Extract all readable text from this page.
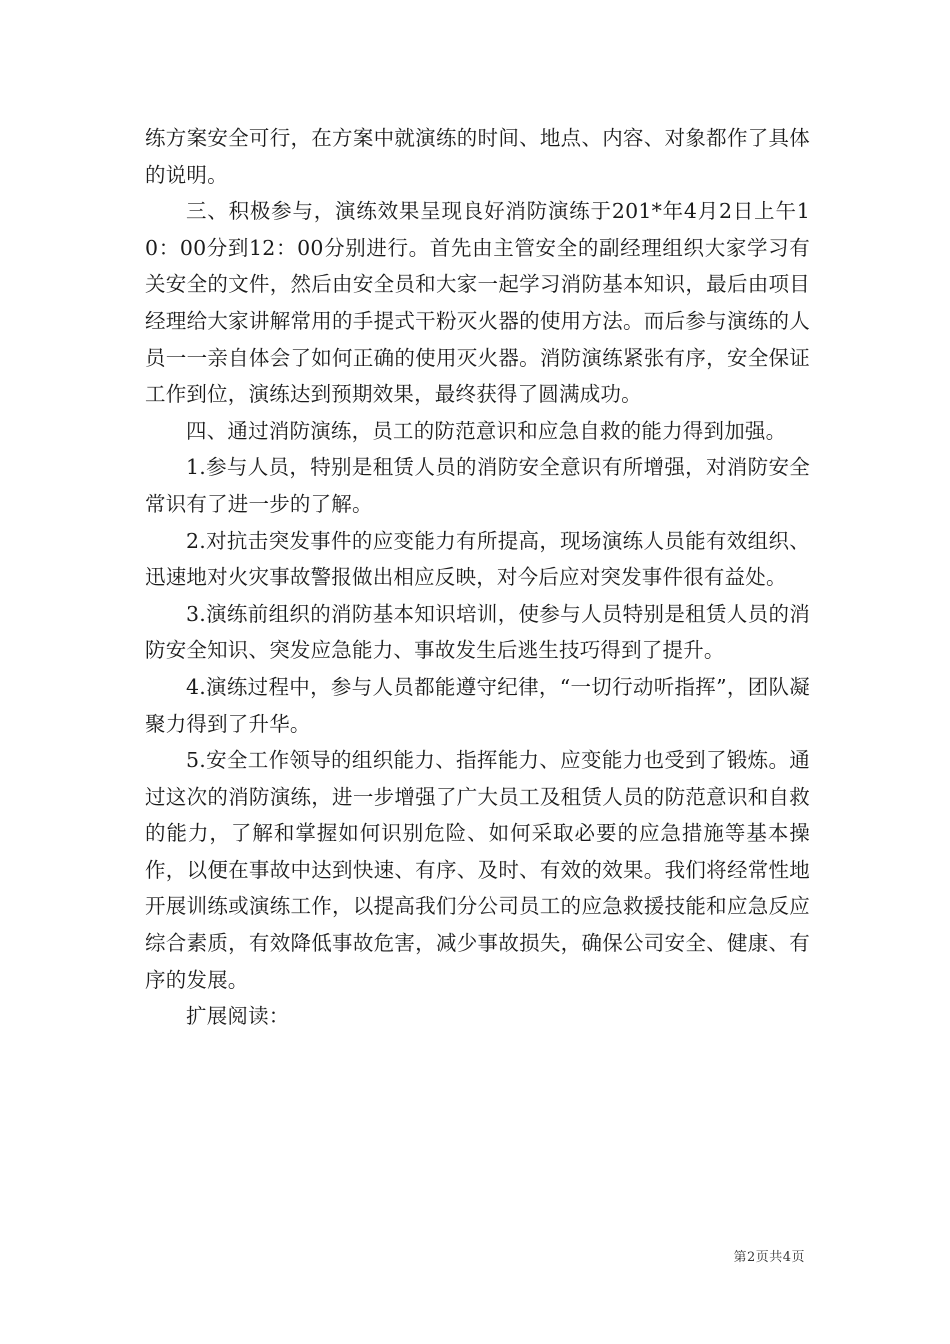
练方案安全可行，在方案中就演练的时间、地点、内容、对象都作了具体的说明。

三、积极参与，演练效果呈现良好消防演练于201*年4月2日上午10：00分到12：00分别进行。首先由主管安全的副经理组织大家学习有关安全的文件，然后由安全员和大家一起学习消防基本知识，最后由项目经理给大家讲解常用的手提式干粉灭火器的使用方法。而后参与演练的人员一一亲自体会了如何正确的使用灭火器。消防演练紧张有序，安全保证工作到位，演练达到预期效果，最终获得了圆满成功。

四、通过消防演练，员工的防范意识和应急自救的能力得到加强。

1.参与人员，特别是租赁人员的消防安全意识有所增强，对消防安全常识有了进一步的了解。

2.对抗击突发事件的应变能力有所提高，现场演练人员能有效组织、迅速地对火灾事故警报做出相应反映，对今后应对突发事件很有益处。

3.演练前组织的消防基本知识培训，使参与人员特别是租赁人员的消防安全知识、突发应急能力、事故发生后逃生技巧得到了提升。

4.演练过程中，参与人员都能遵守纪律，“一切行动听指挥”，团队凝聚力得到了升华。

5.安全工作领导的组织能力、指挥能力、应变能力也受到了锻炼。通过这次的消防演练，进一步增强了广大员工及租赁人员的防范意识和自救的能力，了解和掌握如何识别危险、如何采取必要的应急措施等基本操作，以便在事故中达到快速、有序、及时、有效的效果。我们将经常性地开展训练或演练工作，以提高我们分公司员工的应急救援技能和应急反应综合素质，有效降低事故危害，减少事故损失，确保公司安全、健康、有序的发展。

扩展阅读：

第2页共4页
